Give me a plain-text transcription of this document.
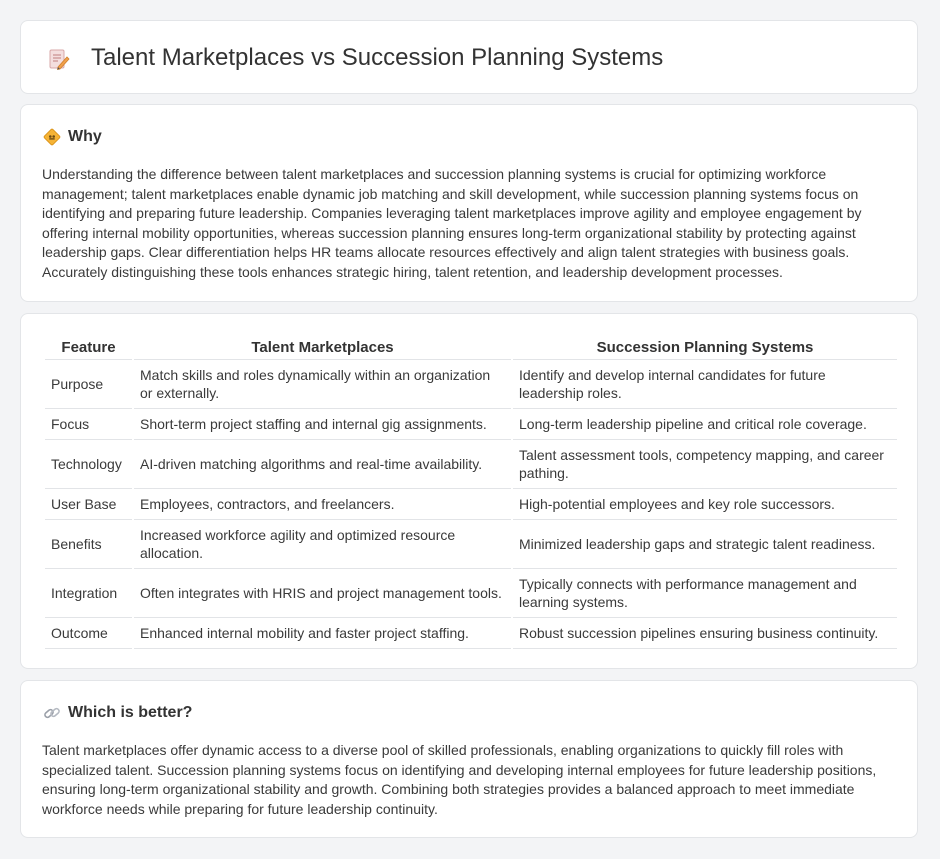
Talent Marketplaces vs Succession Planning Systems
Why

Understanding the difference between talent marketplaces and succession planning systems is crucial for optimizing workforce management; talent marketplaces enable dynamic job matching and skill development, while succession planning systems focus on identifying and preparing future leadership. Companies leveraging talent marketplaces improve agility and employee engagement by offering internal mobility opportunities, whereas succession planning ensures long-term organizational stability by protecting against leadership gaps. Clear differentiation helps HR teams allocate resources effectively and align talent strategies with business goals. Accurately distinguishing these tools enhances strategic hiring, talent retention, and leadership development processes.

Feature	Talent Marketplaces	Succession Planning Systems
Purpose	Match skills and roles dynamically within an organization or externally.	Identify and develop internal candidates for future leadership roles.
Focus	Short-term project staffing and internal gig assignments.	Long-term leadership pipeline and critical role coverage.
Technology	AI-driven matching algorithms and real-time availability.	Talent assessment tools, competency mapping, and career pathing.
User Base	Employees, contractors, and freelancers.	High-potential employees and key role successors.
Benefits	Increased workforce agility and optimized resource allocation.	Minimized leadership gaps and strategic talent readiness.
Integration	Often integrates with HRIS and project management tools.	Typically connects with performance management and learning systems.
Outcome	Enhanced internal mobility and faster project staffing.	Robust succession pipelines ensuring business continuity.
Which is better?

Talent marketplaces offer dynamic access to a diverse pool of skilled professionals, enabling organizations to quickly fill roles with specialized talent. Succession planning systems focus on identifying and developing internal employees for future leadership positions, ensuring long-term organizational stability and growth. Combining both strategies provides a balanced approach to meet immediate workforce needs while preparing for future leadership continuity.
